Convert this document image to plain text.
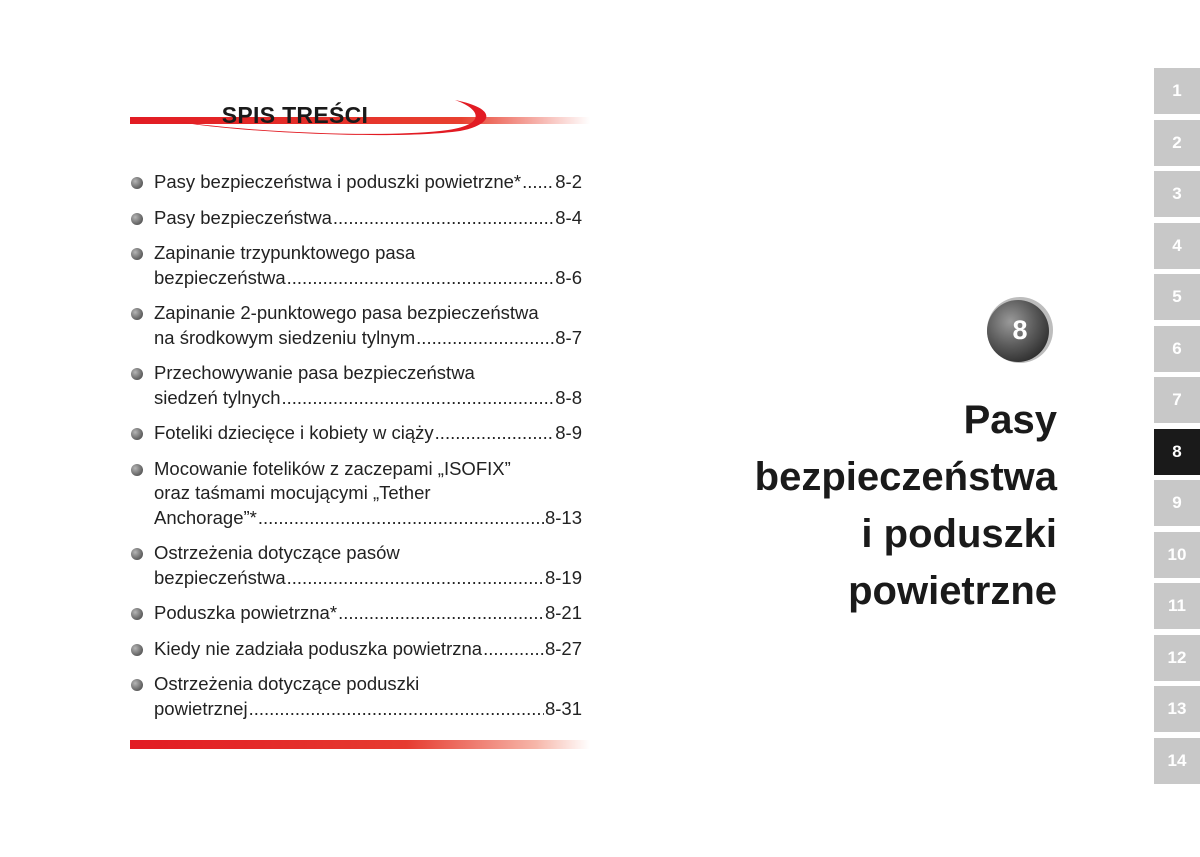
SPIS TREŚCI
Pasy bezpieczeństwa i poduszki powietrzne* ..... 8-2
Pasy bezpieczeństwa .....	8-4
Zapinanie trzypunktowego pasa
bezpieczeństwa .....	8-6
Zapinanie 2-punktowego pasa bezpieczeństwa
na środkowym siedzeniu tylnym .....	8-7
Przechowywanie pasa bezpieczeństwa
siedzeń tylnych .....	8-8
Foteliki dziecięce i kobiety w ciąży .....	8-9
Mocowanie fotelików z zaczepami „ISOFIX”
oraz taśmami mocującymi „Tether
Anchorage”* .....	8-13
Ostrzeżenia dotyczące pasów
bezpieczeństwa .....	8-19
Poduszka powietrzna* .....	8-21
Kiedy nie zadziała poduszka powietrzna .....	8-27
Ostrzeżenia dotyczące poduszki
powietrznej .....	8-31
8
Pasy
bezpieczeństwa
i poduszki
powietrzne
1
2
3
4
5
6
7
8
9
10
11
12
13
14
